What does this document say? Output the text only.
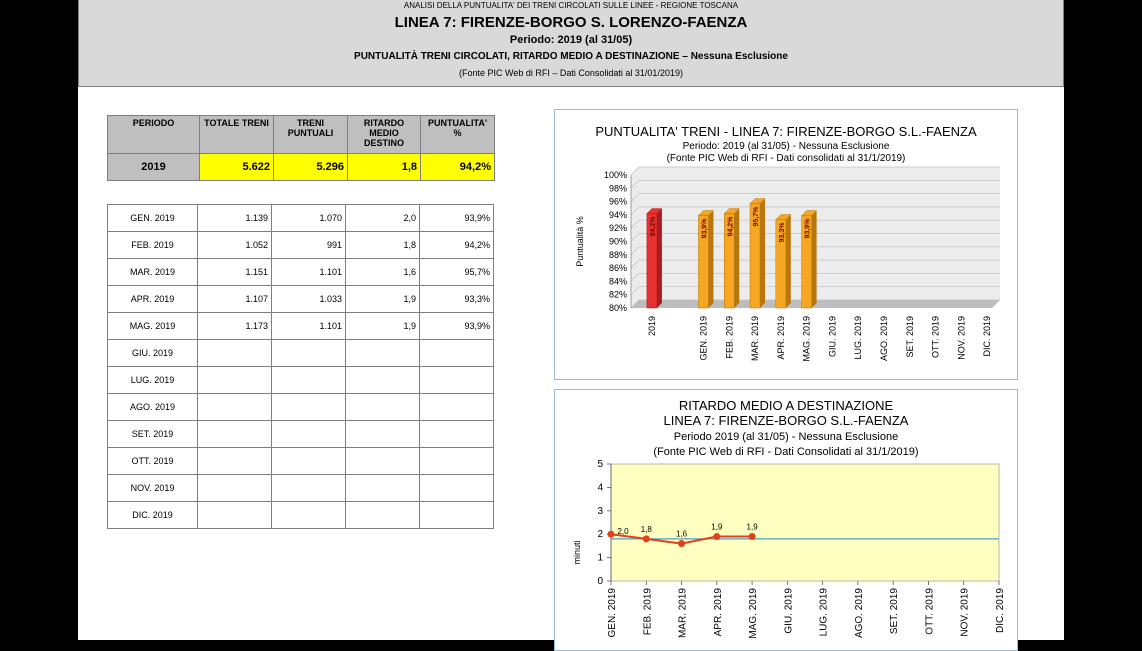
ANALISI DELLA PUNTUALITA' DEI TRENI CIRCOLATI SULLE LINEE - REGIONE TOSCANA
LINEA 7: FIRENZE-BORGO S. LORENZO-FAENZA
Periodo: 2019 (al 31/05)
PUNTUALITÀ TRENI CIRCOLATI, RITARDO MEDIO A DESTINAZIONE – Nessuna Esclusione
(Fonte PIC Web di RFI – Dati Consolidati al 31/01/2019)
PERIODO	TOTALE TRENI	TRENI PUNTUALI	RITARDO MEDIO DESTINO	PUNTUALITA' %
2019	5.622	5.296	1,8	94,2%
GEN. 2019	1.139	1.070	2,0	93,9%
FEB. 2019	1.052	991	1,8	94,2%
MAR. 2019	1.151	1.101	1,6	95,7%
APR. 2019	1.107	1.033	1,9	93,3%
MAG. 2019	1.173	1.101	1,9	93,9%
GIU. 2019				
LUG. 2019				
AGO. 2019				
SET. 2019				
OTT. 2019				
NOV. 2019				
DIC. 2019				
PUNTUALITA' TRENI - LINEA 7: FIRENZE-BORGO S.L.-FAENZA
Periodo: 2019 (al 31/05) - Nessuna Esclusione
(Fonte PIC Web di RFI - Dati consolidati al 31/1/2019)
80%
82%
84%
86%
88%
90%
92%
94%
96%
98%
100%
Puntualità %
2019
94,2%
GEN. 2019
93,9%
FEB. 2019
94,2%
MAR. 2019
95,7%
APR. 2019
93,3%
MAG. 2019
93,9%
GIU. 2019 LUG. 2019 AGO. 2019 SET. 2019 OTT. 2019 NOV. 2019 DIC. 2019
RITARDO MEDIO A DESTINAZIONE
LINEA 7: FIRENZE-BORGO S.L.-FAENZA
Periodo 2019 (al 31/05) - Nessuna Esclusione
(Fonte PIC Web di RFI - Dati Consolidati al 31/1/2019)
0
1
2
3
4
5
minuti
GEN. 2019 FEB. 2019 MAR. 2019 APR. 2019 MAG. 2019 GIU. 2019 LUG. 2019 AGO. 2019 SET. 2019 OTT. 2019 NOV. 2019 DIC. 2019
2,0 1,8
1,6
1,9	1,9
